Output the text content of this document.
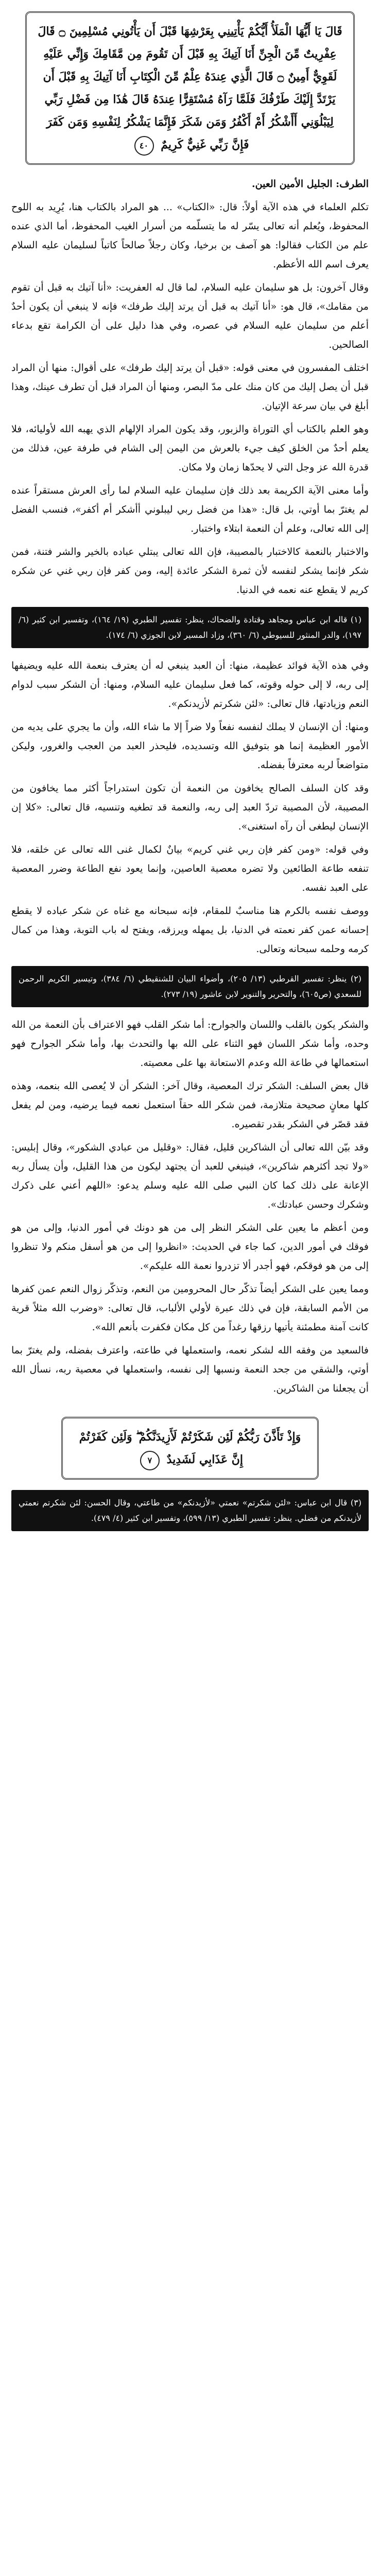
قَالَ يَا أَيُّهَا الْمَلَأُ أَيُّكُمْ يَأْتِينِي بِعَرْشِهَا قَبْلَ أَن يَأْتُونِي مُسْلِمِينَ ۝ قَالَ عِفْرِيتٌ مِّنَ الْجِنِّ أَنَا آتِيكَ بِهِ قَبْلَ أَن تَقُومَ مِن مَّقَامِكَ وَإِنِّي عَلَيْهِ لَقَوِيٌّ أَمِينٌ ۝ قَالَ الَّذِي عِندَهُ عِلْمٌ مِّنَ الْكِتَابِ أَنَا آتِيكَ بِهِ قَبْلَ أَن يَرْتَدَّ إِلَيْكَ طَرْفُكَ فَلَمَّا رَآهُ مُسْتَقِرًّا عِندَهُ قَالَ هَٰذَا مِن فَضْلِ رَبِّي لِيَبْلُوَنِي أَأَشْكُرُ أَمْ أَكْفُرُ وَمَن شَكَرَ فَإِنَّمَا يَشْكُرُ لِنَفْسِهِ وَمَن كَفَرَ فَإِنَّ رَبِّي غَنِيٌّ كَرِيمٌ ٤٠
الطرف: الجليل الأمين العين.

تكلم العلماء في هذه الآية أولاً: قال: «الكتاب» ... هو المراد بالكتاب هنا، يُرِيد به اللوح المحفوظ، ويُعلم أنه تعالى يسّر له ما يتسلّمه من أسرار الغيب المحفوظ، أما الذي عنده علم من الكتاب فقالوا: هو آصف بن برخيا، وكان رجلاً صالحاً كاتباً لسليمان عليه السلام يعرف اسم الله الأعظم.

وقال آخرون: بل هو سليمان عليه السلام، لما قال له العفريت: «أنا آتيك به قبل أن تقوم من مقامك»، قال هو: «أنا آتيك به قبل أن يرتد إليك طرفك» فإنه لا ينبغي أن يكون أحدٌ أعلم من سليمان عليه السلام في عصره، وفي هذا دليل على أن الكرامة تقع بدعاء الصالحين.

اختلف المفسرون في معنى قوله: «قبل أن يرتد إليك طرفك» على أقوال: منها أن المراد قبل أن يصل إليك من كان منك على مدّ البصر، ومنها أن المراد قبل أن تطرف عينك، وهذا أبلغ في بيان سرعة الإتيان.

وهو العلم بالكتاب أي التوراة والزبور، وقد يكون المراد الإلهام الذي يهبه الله لأوليائه، فلا يعلم أحدٌ من الخلق كيف جيء بالعرش من اليمن إلى الشام في طرفة عين، فذلك من قدرة الله عز وجل التي لا يحدّها زمان ولا مكان.

وأما معنى الآية الكريمة بعد ذلك فإن سليمان عليه السلام لما رأى العرش مستقراً عنده لم يغترّ بما أوتي، بل قال: «هذا من فضل ربي ليبلوني أأشكر أم أكفر»، فنسب الفضل إلى الله تعالى، وعلم أن النعمة ابتلاء واختبار.

والاختبار بالنعمة كالاختبار بالمصيبة، فإن الله تعالى يبتلي عباده بالخير والشر فتنة، فمن شكر فإنما يشكر لنفسه لأن ثمرة الشكر عائدة إليه، ومن كفر فإن ربي غني عن شكره كريم لا يقطع عنه نعمه في الدنيا.

(١) قاله ابن عباس ومجاهد وقتادة والضحاك، ينظر: تفسير الطبري (١٩/ ١٦٤)، وتفسير ابن كثير (٦/ ١٩٧)، والدر المنثور للسيوطي (٦/ ٣٦٠)، وزاد المسير لابن الجوزي (٦/ ١٧٤).

وفي هذه الآية فوائد عظيمة، منها: أن العبد ينبغي له أن يعترف بنعمة الله عليه ويضيفها إلى ربه، لا إلى حوله وقوته، كما فعل سليمان عليه السلام، ومنها: أن الشكر سبب لدوام النعم وزيادتها، قال تعالى: «لئن شكرتم لأزيدنكم».

ومنها: أن الإنسان لا يملك لنفسه نفعاً ولا ضراً إلا ما شاء الله، وأن ما يجري على يديه من الأمور العظيمة إنما هو بتوفيق الله وتسديده، فليحذر العبد من العجب والغرور، وليكن متواضعاً لربه معترفاً بفضله.

وقد كان السلف الصالح يخافون من النعمة أن تكون استدراجاً أكثر مما يخافون من المصيبة، لأن المصيبة تردّ العبد إلى ربه، والنعمة قد تطغيه وتنسيه، قال تعالى: «كلا إن الإنسان ليطغى أن رآه استغنى».

وفي قوله: «ومن كفر فإن ربي غني كريم» بيانٌ لكمال غنى الله تعالى عن خلقه، فلا تنفعه طاعة الطائعين ولا تضره معصية العاصين، وإنما يعود نفع الطاعة وضرر المعصية على العبد نفسه.

ووصف نفسه بالكرم هنا مناسبٌ للمقام، فإنه سبحانه مع غناه عن شكر عباده لا يقطع إحسانه عمن كفر نعمته في الدنيا، بل يمهله ويرزقه، ويفتح له باب التوبة، وهذا من كمال كرمه وحلمه سبحانه وتعالى.

(٢) ينظر: تفسير القرطبي (١٣/ ٢٠٥)، وأضواء البيان للشنقيطي (٦/ ٣٨٤)، وتيسير الكريم الرحمن للسعدي (ص٦٠٥)، والتحرير والتنوير لابن عاشور (١٩/ ٢٧٣).

والشكر يكون بالقلب واللسان والجوارح: أما شكر القلب فهو الاعتراف بأن النعمة من الله وحده، وأما شكر اللسان فهو الثناء على الله بها والتحدث بها، وأما شكر الجوارح فهو استعمالها في طاعة الله وعدم الاستعانة بها على معصيته.

قال بعض السلف: الشكر ترك المعصية، وقال آخر: الشكر أن لا يُعصى الله بنعمه، وهذه كلها معانٍ صحيحة متلازمة، فمن شكر الله حقاً استعمل نعمه فيما يرضيه، ومن لم يفعل فقد قصّر في الشكر بقدر تقصيره.

وقد بيّن الله تعالى أن الشاكرين قليل، فقال: «وقليل من عبادي الشكور»، وقال إبليس: «ولا تجد أكثرهم شاكرين»، فينبغي للعبد أن يجتهد ليكون من هذا القليل، وأن يسأل ربه الإعانة على ذلك كما كان النبي صلى الله عليه وسلم يدعو: «اللهم أعني على ذكرك وشكرك وحسن عبادتك».

ومن أعظم ما يعين على الشكر النظر إلى من هو دونك في أمور الدنيا، وإلى من هو فوقك في أمور الدين، كما جاء في الحديث: «انظروا إلى من هو أسفل منكم ولا تنظروا إلى من هو فوقكم، فهو أجدر ألا تزدروا نعمة الله عليكم».

ومما يعين على الشكر أيضاً تذكّر حال المحرومين من النعم، وتذكّر زوال النعم عمن كفرها من الأمم السابقة، فإن في ذلك عبرة لأولي الألباب، قال تعالى: «وضرب الله مثلاً قرية كانت آمنة مطمئنة يأتيها رزقها رغداً من كل مكان فكفرت بأنعم الله».

فالسعيد من وفقه الله لشكر نعمه، واستعملها في طاعته، واعترف بفضله، ولم يغترّ بما أوتي، والشقي من جحد النعمة ونسبها إلى نفسه، واستعملها في معصية ربه، نسأل الله أن يجعلنا من الشاكرين.

وَإِذْ تَأَذَّنَ رَبُّكُمْ لَئِن شَكَرْتُمْ لَأَزِيدَنَّكُمْ ۖ وَلَئِن كَفَرْتُمْ إِنَّ عَذَابِي لَشَدِيدٌ ٧
(٣) قال ابن عباس: «لئن شكرتم» نعمتي «لأزيدنكم» من طاعتي، وقال الحسن: لئن شكرتم نعمتي لأزيدنكم من فضلي. ينظر: تفسير الطبري (١٣/ ٥٩٩)، وتفسير ابن كثير (٤/ ٤٧٩).
